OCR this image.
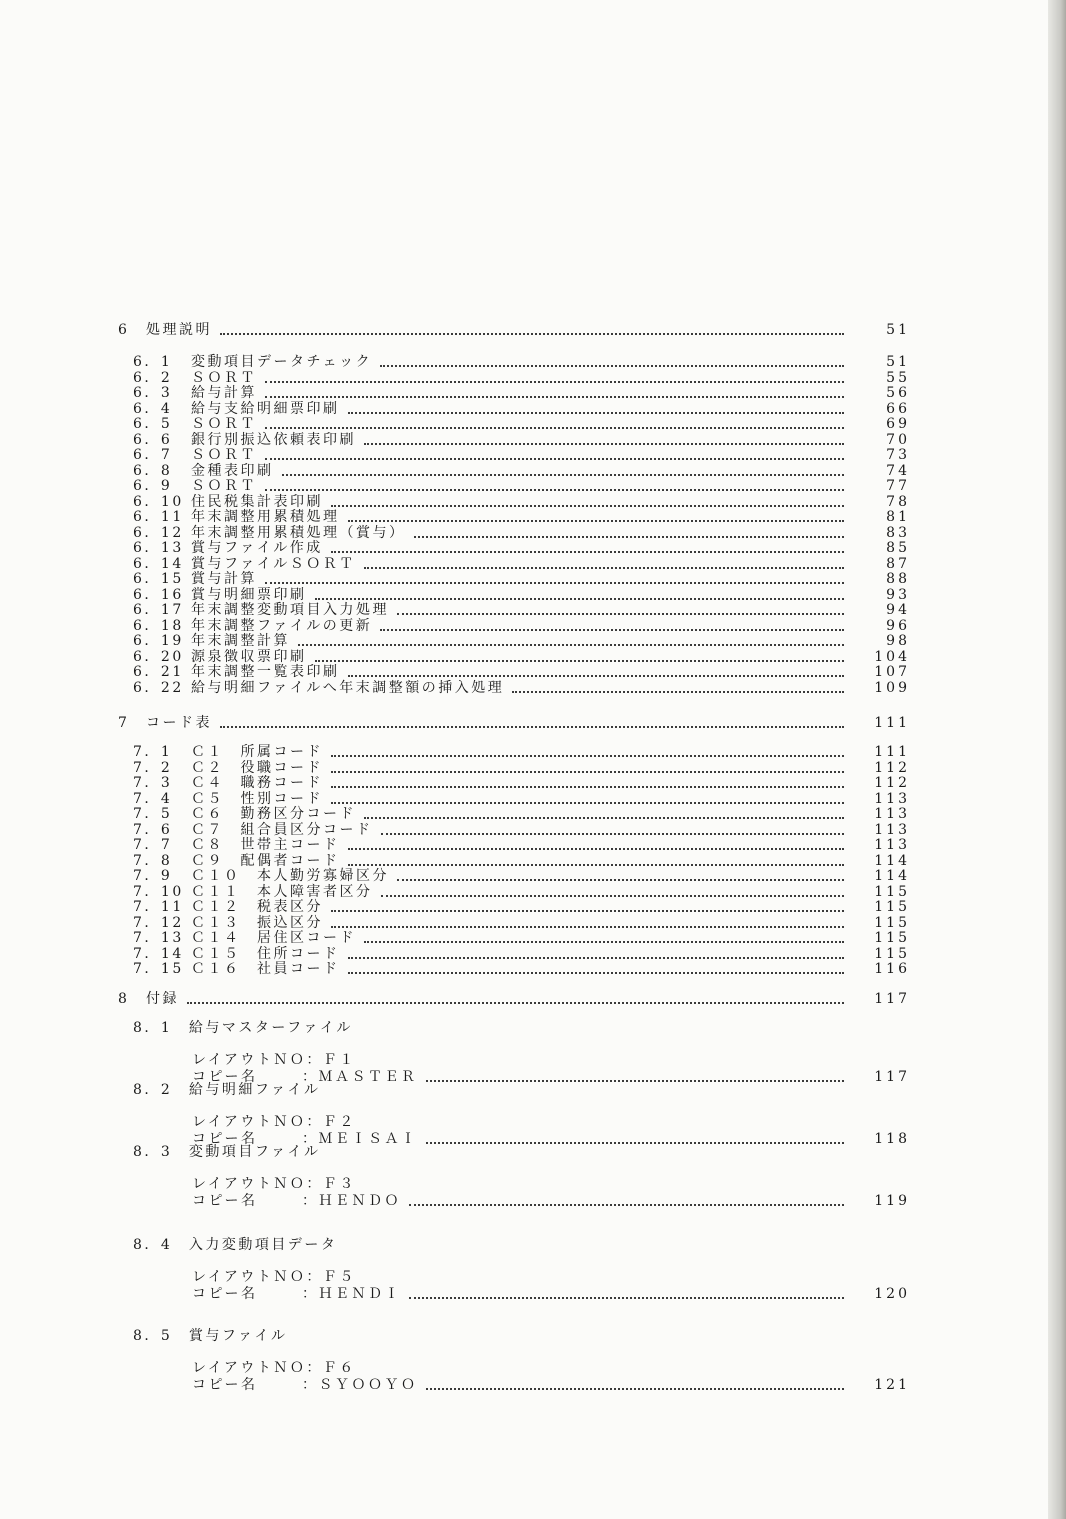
6	処理説明	51
6．1	変動項目データチェック	51
6．2	ＳＯＲＴ	55
6．3	給与計算	56
6．4	給与支給明細票印刷	66
6．5	ＳＯＲＴ	69
6．6	銀行別振込依頼表印刷	70
6．7	ＳＯＲＴ	73
6．8	金種表印刷	74
6．9	ＳＯＲＴ	77
6．10 住民税集計表印刷	78
6．11 年末調整用累積処理	81
6．12 年末調整用累積処理（賞与）	83
6．13 賞与ファイル作成	85
6．14 賞与ファイルＳＯＲＴ	87
6．15 賞与計算	88
6．16 賞与明細票印刷	93
6．17 年末調整変動項目入力処理	94
6．18 年末調整ファイルの更新	96
6．19 年末調整計算	98
6．20 源泉徴収票印刷	104
6．21 年末調整一覧表印刷	107
6．22 給与明細ファイルへ年末調整額の挿入処理	109
7	コード表	111
7．1	Ｃ１　所属コード	111
7．2	Ｃ２　役職コード	112
7．3	Ｃ４　職務コード	112
7．4	Ｃ５　性別コード	113
7．5	Ｃ６　勤務区分コード	113
7．6	Ｃ７　組合員区分コード	113
7．7	Ｃ８　世帯主コード	113
7．8	Ｃ９　配偶者コード	114
7．9	Ｃ１０　本人勤労寡婦区分	114
7．10 Ｃ１１　本人障害者区分	115
7．11 Ｃ１２　税表区分	115
7．12 Ｃ１３　振込区分	115
7．13 Ｃ１４　居住区コード	115
7．14 Ｃ１５　住所コード	115
7．15 Ｃ１６　社員コード	116
8	付録	117
8．1　給与マスターファイル
レイアウトＮＯ：Ｆ１
コピー名	：ＭＡＳＴＥＲ	117
8．2　給与明細ファイル
レイアウトＮＯ：Ｆ２
コピー名	：ＭＥＩＳＡＩ	118
8．3　変動項目ファイル
レイアウトＮＯ：Ｆ３
コピー名	：ＨＥＮＤＯ	119
8．4　入力変動項目データ
レイアウトＮＯ：Ｆ５
コピー名	：ＨＥＮＤＩ	120
8．5　賞与ファイル
レイアウトＮＯ：Ｆ６
コピー名	：ＳＹＯＯＹＯ	121
